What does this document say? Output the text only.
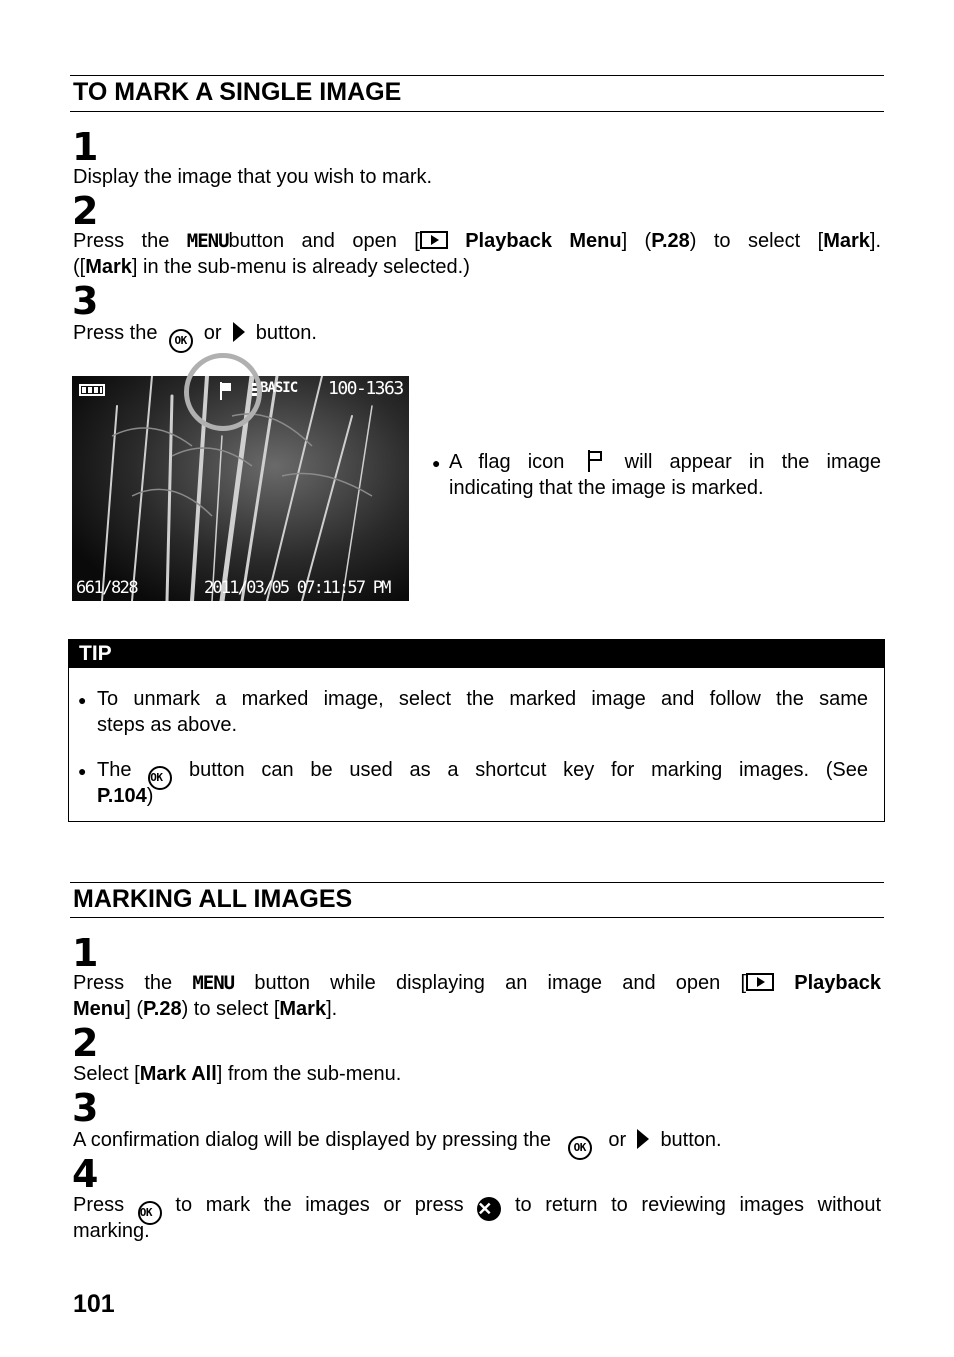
TO MARK A SINGLE IMAGE
1
Display the image that you wish to mark.
2
Press the MENUbutton and open [ Playback Menu] (P.28) to select [Mark].
([Mark] in the sub-menu is already selected.)
3
Press the OK or button.
BASIC 100-1363
661/828	2011/03/05 07:11:57 PM
● A flag icon	will appear in the image
indicating that the image is marked.
TIP
● To unmark a marked image, select the marked image and follow the same
steps as above.
● The OK button can be used as a shortcut key for marking images. (See
P.104)
MARKING ALL IMAGES
1
Press the MENU button while displaying an image and open [ Playback
Menu] (P.28) to select [Mark].
2
Select [Mark All] from the sub-menu.
3
A confirmation dialog will be displayed by pressing the OK or button.
4
Press OK to mark the images or press ✕ to return to reviewing images without
marking.
101
